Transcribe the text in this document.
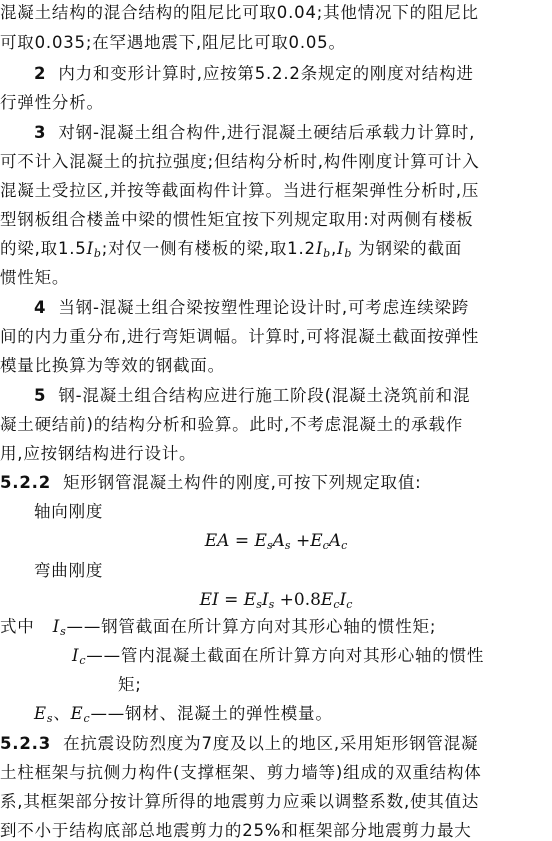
混凝土结构的混合结构的阻尼比可取0.04;其他情况下的阻尼比
可取0.035;在罕遇地震下,阻尼比可取0.05。
2 内力和变形计算时,应按第5.2.2条规定的刚度对结构进
行弹性分析。
3 对钢-混凝土组合构件,进行混凝土硬结后承载力计算时,
可不计入混凝土的抗拉强度;但结构分析时,构件刚度计算可计入
混凝土受拉区,并按等截面构件计算。当进行框架弹性分析时,压
型钢板组合楼盖中梁的惯性矩宜按下列规定取用:对两侧有楼板
的梁,取$1.5I_b$;对仅一侧有楼板的梁,取$1.2I_b,I_b$ 为钢梁的截面
惯性矩。
4 当钢-混凝土组合梁按塑性理论设计时,可考虑连续梁跨
间的内力重分布,进行弯矩调幅。计算时,可将混凝土截面按弹性
模量比换算为等效的钢截面。
5 钢-混凝土组合结构应进行施工阶段(混凝土浇筑前和混
凝土硬结前)的结构分析和验算。此时,不考虑混凝土的承载作
用,应按钢结构进行设计。
5.2.2 矩形钢管混凝土构件的刚度,可按下列规定取值:
轴向刚度
EA = $E_sA_s +E_cA_c$
弯曲刚度
EI = $E_sI_s +0.8E_cI_c$
式中 $I_s——$钢管截面在所计算方向对其形心轴的惯性矩;
$I_c——$管内混凝土截面在所计算方向对其形心轴的惯性
矩;
$E_s$、$E_c——$钢材、混凝土的弹性模量。
5.2.3 在抗震设防烈度为7度及以上的地区,采用矩形钢管混凝
土柱框架与抗侧力构件(支撑框架、剪力墙等)组成的双重结构体
系,其框架部分按计算所得的地震剪力应乘以调整系数,使其值达
到不小于结构底部总地震剪力的25%和框架部分地震剪力最大
